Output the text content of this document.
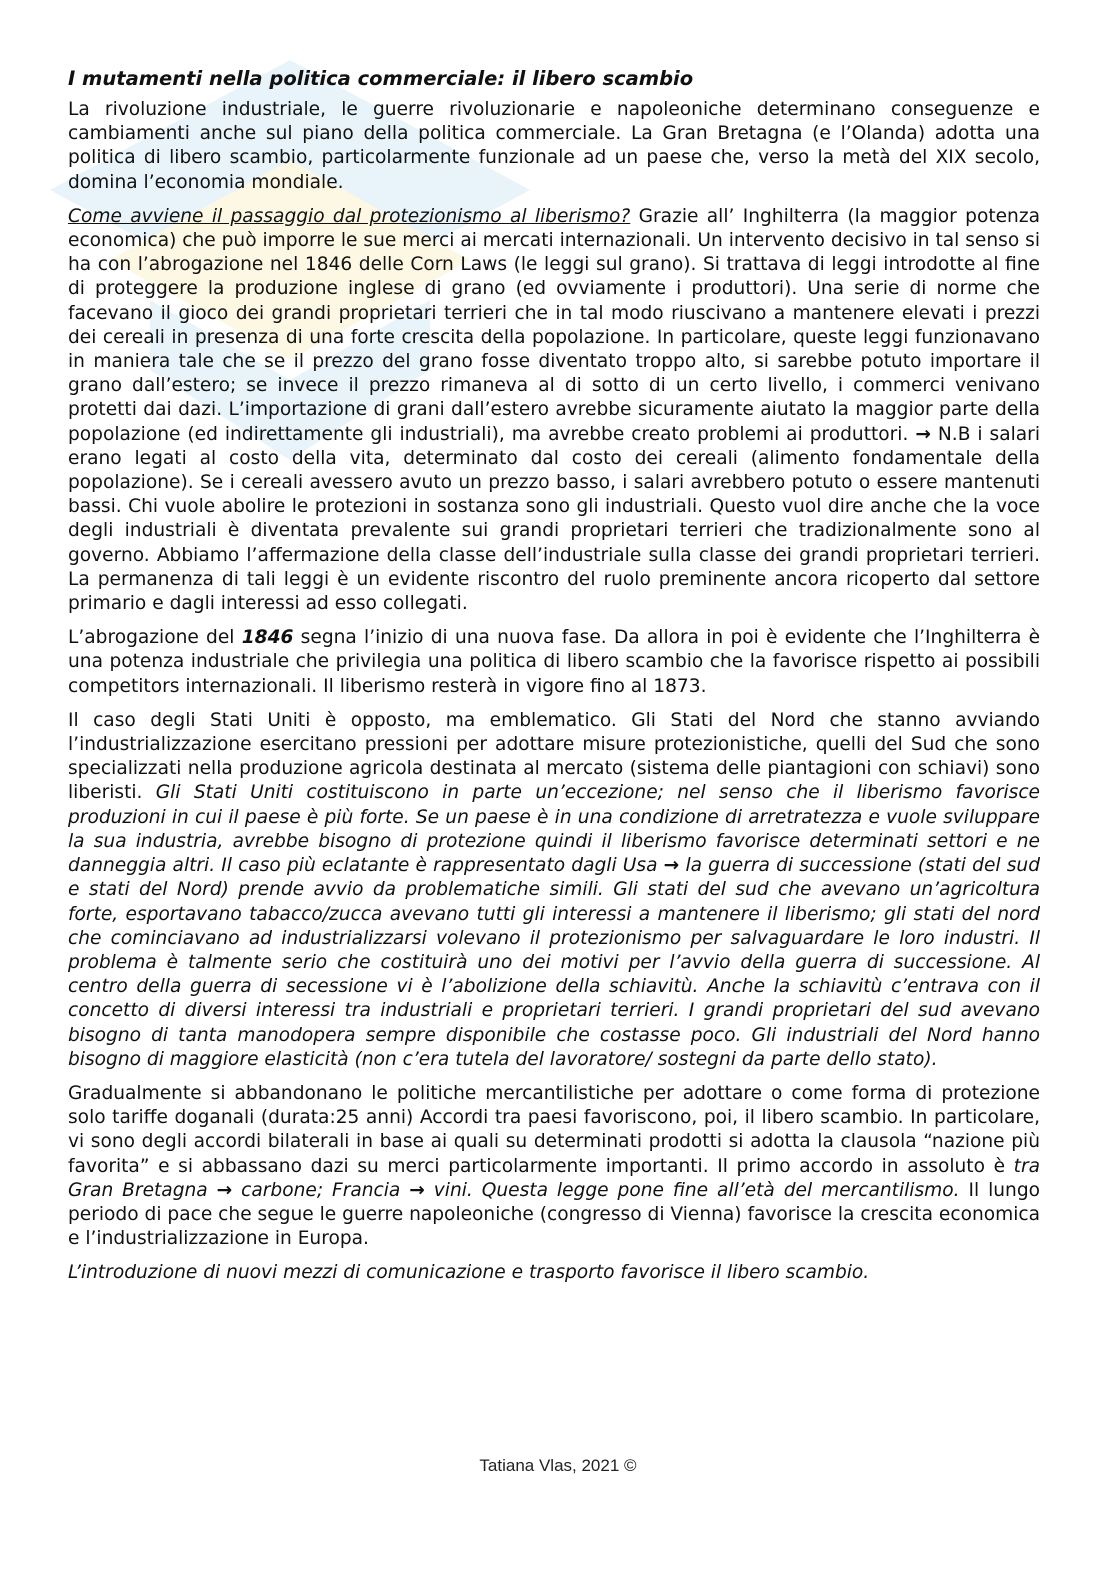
I mutamenti nella politica commerciale: il libero scambio

La rivoluzione industriale, le guerre rivoluzionarie e napoleoniche determinano conseguenze e cambiamenti anche sul piano della politica commerciale. La Gran Bretagna (e l’Olanda) adotta una politica di libero scambio, particolarmente funzionale ad un paese che, verso la metà del XIX secolo, domina l’economia mondiale.

Come avviene il passaggio dal protezionismo al liberismo? Grazie all’ Inghilterra (la maggior potenza economica) che può imporre le sue merci ai mercati internazionali. Un intervento decisivo in tal senso si ha con l’abrogazione nel 1846 delle Corn Laws (le leggi sul grano). Si trattava di leggi introdotte al fine di proteggere la produzione inglese di grano (ed ovviamente i produttori). Una serie di norme che facevano il gioco dei grandi proprietari terrieri che in tal modo riuscivano a mantenere elevati i prezzi dei cereali in presenza di una forte crescita della popolazione. In particolare, queste leggi funzionavano in maniera tale che se il prezzo del grano fosse diventato troppo alto, si sarebbe potuto importare il grano dall’estero; se invece il prezzo rimaneva al di sotto di un certo livello, i commerci venivano protetti dai dazi. L’importazione di grani dall’estero avrebbe sicuramente aiutato la maggior parte della popolazione (ed indirettamente gli industriali), ma avrebbe creato problemi ai produttori. → N.B i salari erano legati al costo della vita, determinato dal costo dei cereali (alimento fondamentale della popolazione). Se i cereali avessero avuto un prezzo basso, i salari avrebbero potuto o essere mantenuti bassi. Chi vuole abolire le protezioni in sostanza sono gli industriali. Questo vuol dire anche che la voce degli industriali è diventata prevalente sui grandi proprietari terrieri che tradizionalmente sono al governo. Abbiamo l’affermazione della classe dell’industriale sulla classe dei grandi proprietari terrieri. La permanenza di tali leggi è un evidente riscontro del ruolo preminente ancora ricoperto dal settore primario e dagli interessi ad esso collegati.

L’abrogazione del 1846 segna l’inizio di una nuova fase. Da allora in poi è evidente che l’Inghilterra è una potenza industriale che privilegia una politica di libero scambio che la favorisce rispetto ai possibili competitors internazionali. Il liberismo resterà in vigore fino al 1873.

Il caso degli Stati Uniti è opposto, ma emblematico. Gli Stati del Nord che stanno avviando l’industrializzazione esercitano pressioni per adottare misure protezionistiche, quelli del Sud che sono specializzati nella produzione agricola destinata al mercato (sistema delle piantagioni con schiavi) sono liberisti. Gli Stati Uniti costituiscono in parte un’eccezione; nel senso che il liberismo favorisce produzioni in cui il paese è più forte. Se un paese è in una condizione di arretratezza e vuole sviluppare la sua industria, avrebbe bisogno di protezione quindi il liberismo favorisce determinati settori e ne danneggia altri. Il caso più eclatante è rappresentato dagli Usa → la guerra di successione (stati del sud e stati del Nord) prende avvio da problematiche simili. Gli stati del sud che avevano un’agricoltura forte, esportavano tabacco/zucca avevano tutti gli interessi a mantenere il liberismo; gli stati del nord che cominciavano ad industrializzarsi volevano il protezionismo per salvaguardare le loro industri. Il problema è talmente serio che costituirà uno dei motivi per l’avvio della guerra di successione. Al centro della guerra di secessione vi è l’abolizione della schiavitù. Anche la schiavitù c’entrava con il concetto di diversi interessi tra industriali e proprietari terrieri. I grandi proprietari del sud avevano bisogno di tanta manodopera sempre disponibile che costasse poco. Gli industriali del Nord hanno bisogno di maggiore elasticità (non c’era tutela del lavoratore/ sostegni da parte dello stato).

Gradualmente si abbandonano le politiche mercantilistiche per adottare o come forma di protezione solo tariffe doganali (durata:25 anni) Accordi tra paesi favoriscono, poi, il libero scambio. In particolare, vi sono degli accordi bilaterali in base ai quali su determinati prodotti si adotta la clausola “nazione più favorita” e si abbassano dazi su merci particolarmente importanti. Il primo accordo in assoluto è tra Gran Bretagna → carbone; Francia → vini. Questa legge pone fine all’età del mercantilismo. Il lungo periodo di pace che segue le guerre napoleoniche (congresso di Vienna) favorisce la crescita economica e l’industrializzazione in Europa.

L’introduzione di nuovi mezzi di comunicazione e trasporto favorisce il libero scambio.

Tatiana Vlas, 2021 ©
